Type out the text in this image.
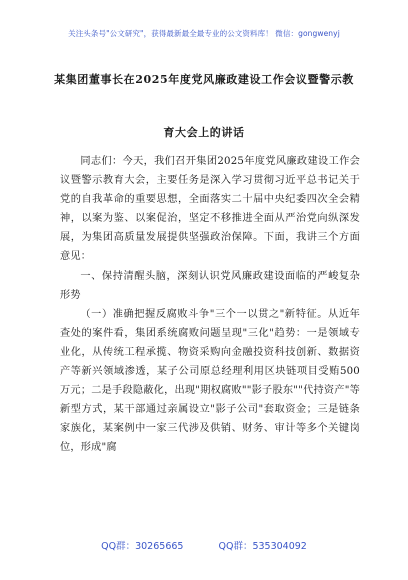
关注头条号"公文研究"，获得最新最全最专业的公文资料库！ 微信：gongwenyj
某集团董事长在2025年度党风廉政建设工作会议暨警示教
育大会上的讲话

同志们：今天，我们召开集团2025年度党风廉政建设工作会议暨警示教育大会，主要任务是深入学习贯彻习近平总书记关于党的自我革命的重要思想，全面落实二十届中央纪委四次全会精神，以案为鉴、以案促治，坚定不移推进全面从严治党向纵深发展，为集团高质量发展提供坚强政治保障。下面，我讲三个方面意见：

一、保持清醒头脑，深刻认识党风廉政建设面临的严峻复杂形势

（一）准确把握反腐败斗争"三个一以贯之"新特征。从近年查处的案件看，集团系统腐败问题呈现"三化"趋势：一是领域专业化，从传统工程承揽、物资采购向金融投资科技创新、数据资产等新兴领域渗透，某子公司原总经理利用区块链项目受贿500万元；二是手段隐蔽化，出现"期权腐败""影子股东""代持资产"等新型方式，某干部通过亲属设立"影子公司"套取资金；三是链条家族化，某案例中一家三代涉及供销、财务、审计等多个关键岗位，形成"腐

QQ群：30265665	QQ群：535304092
